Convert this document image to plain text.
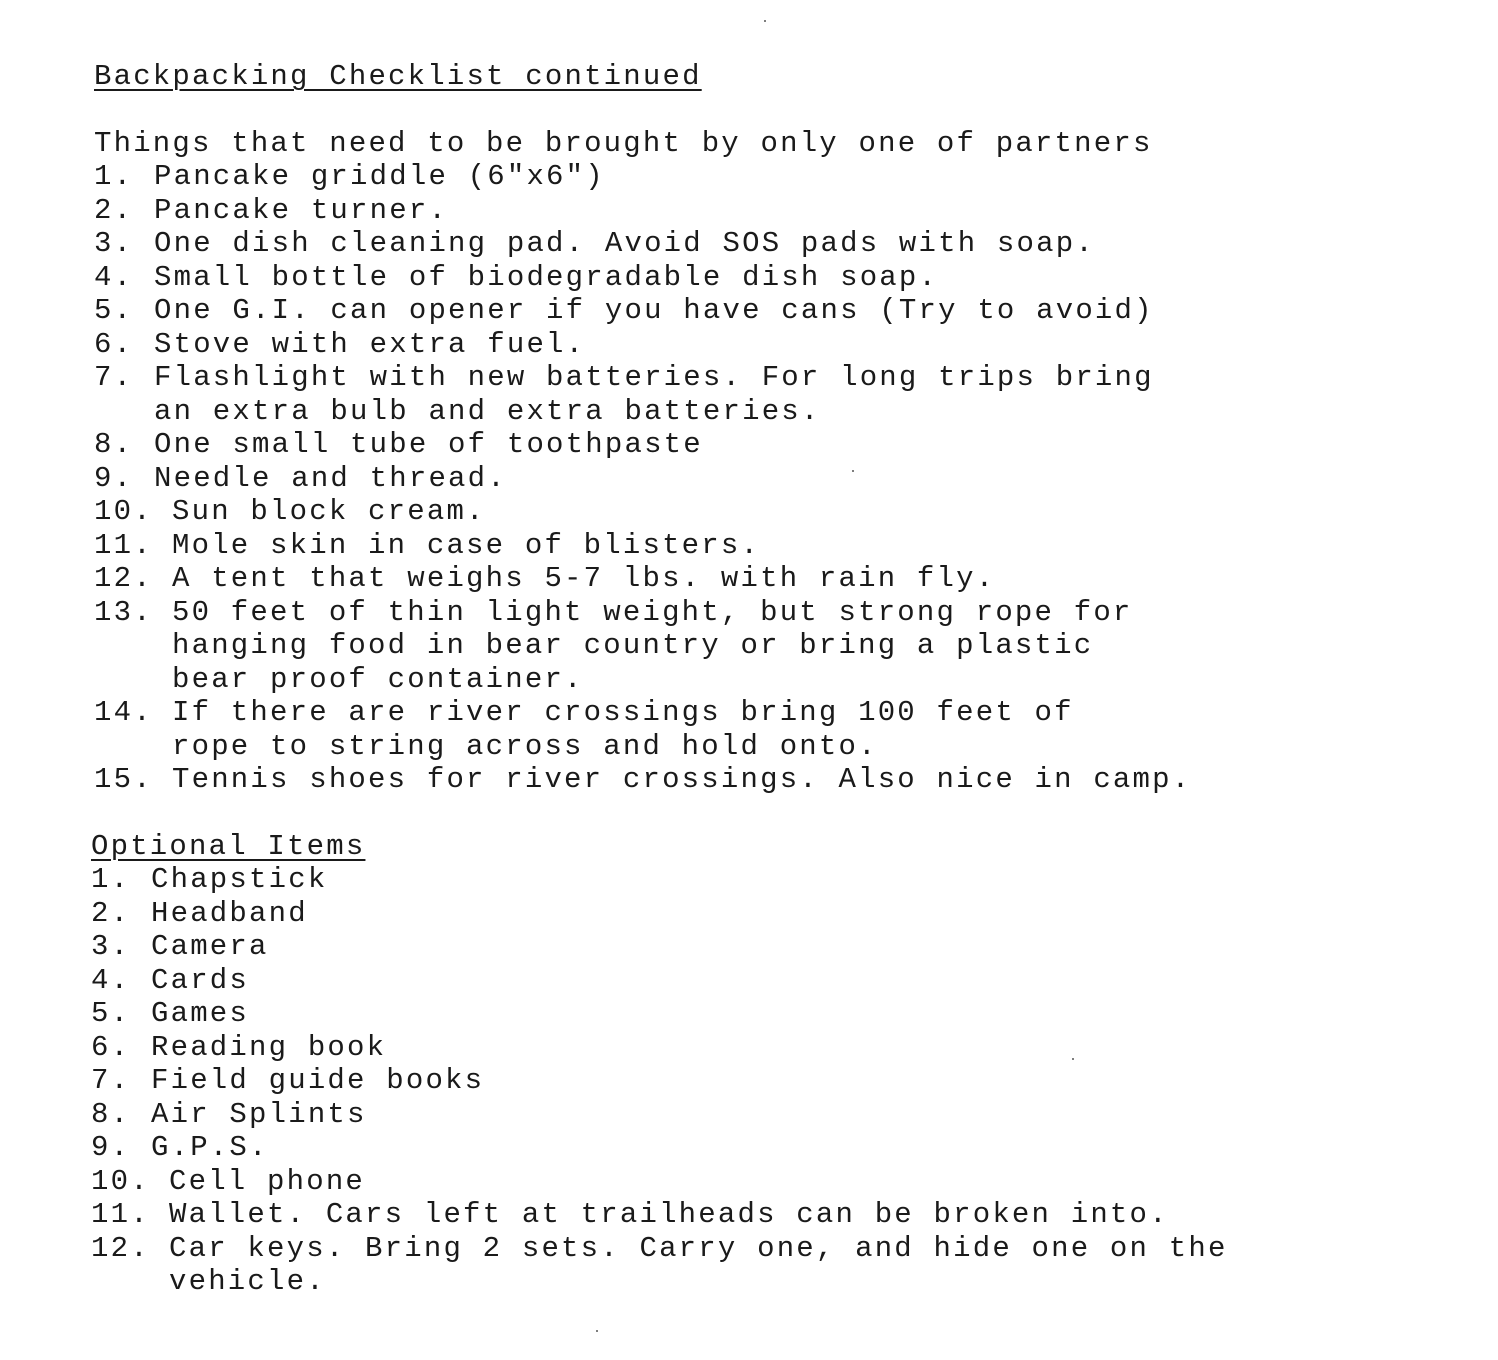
Backpacking Checklist continued
Things that need to be brought by only one of partners
1. Pancake griddle (6"x6")
2. Pancake turner.
3. One dish cleaning pad. Avoid SOS pads with soap.
4. Small bottle of biodegradable dish soap.
5. One G.I. can opener if you have cans (Try to avoid)
6. Stove with extra fuel.
7. Flashlight with new batteries. For long trips bring
an extra bulb and extra batteries.
8. One small tube of toothpaste
9. Needle and thread.
10. Sun block cream.
11. Mole skin in case of blisters.
12. A tent that weighs 5-7 lbs. with rain fly.
13. 50 feet of thin light weight, but strong rope for
hanging food in bear country or bring a plastic
bear proof container.
14. If there are river crossings bring 100 feet of
rope to string across and hold onto.
15. Tennis shoes for river crossings. Also nice in camp.
Optional Items
1. Chapstick
2. Headband
3. Camera
4. Cards
5. Games
6. Reading book
7. Field guide books
8. Air Splints
9. G.P.S.
10. Cell phone
11. Wallet. Cars left at trailheads can be broken into.
12. Car keys. Bring 2 sets. Carry one, and hide one on the
vehicle.
